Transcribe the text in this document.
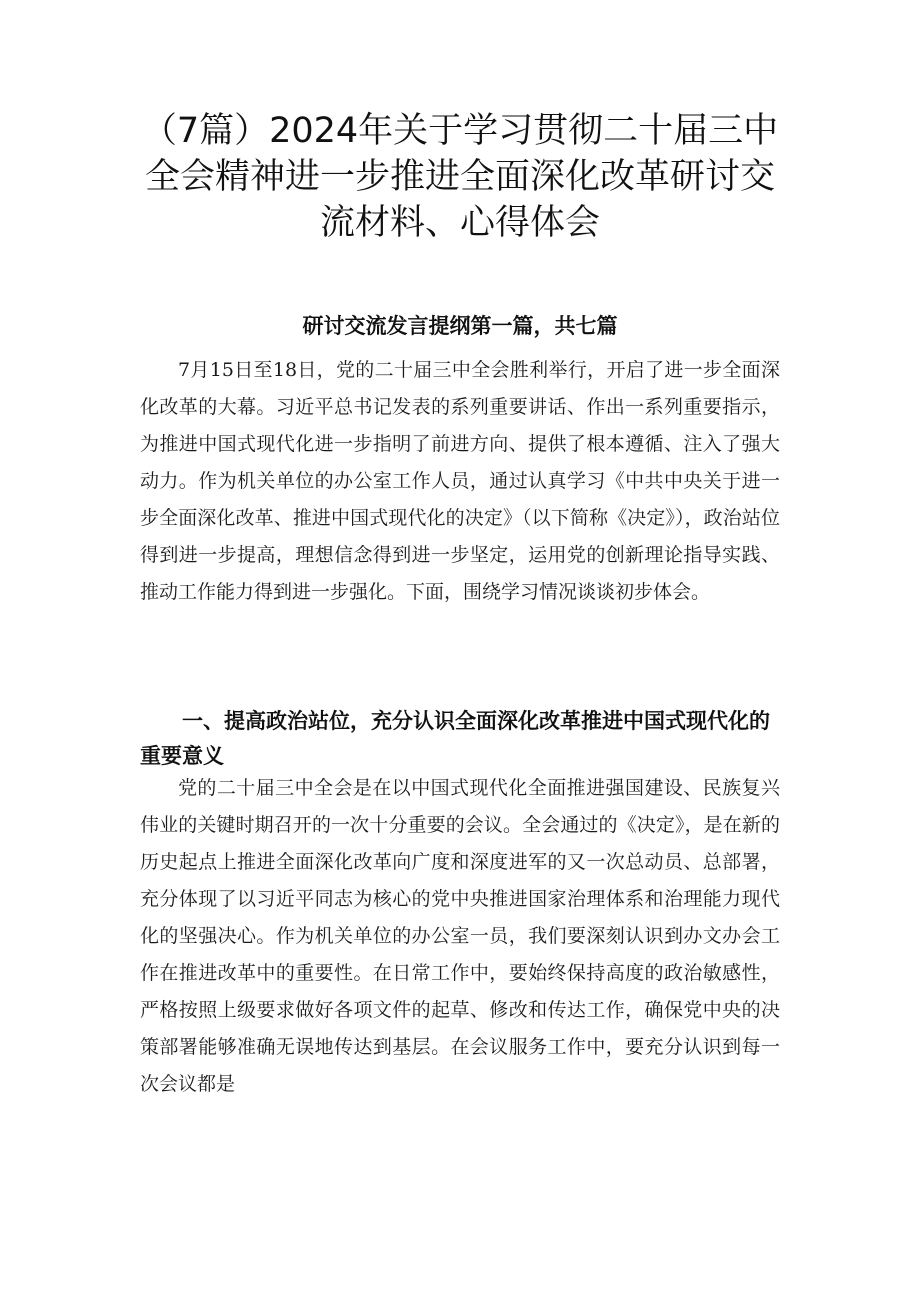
（7篇）2024年关于学习贯彻二十届三中全会精神进一步推进全面深化改革研讨交流材料、心得体会
研讨交流发言提纲第一篇，共七篇

7月15日至18日，党的二十届三中全会胜利举行，开启了进一步全面深化改革的大幕。习近平总书记发表的系列重要讲话、作出一系列重要指示，为推进中国式现代化进一步指明了前进方向、提供了根本遵循、注入了强大动力。作为机关单位的办公室工作人员，通过认真学习《中共中央关于进一步全面深化改革、推进中国式现代化的决定》（以下简称《决定》），政治站位得到进一步提高，理想信念得到进一步坚定，运用党的创新理论指导实践、推动工作能力得到进一步强化。下面，围绕学习情况谈谈初步体会。

一、提高政治站位，充分认识全面深化改革推进中国式现代化的重要意义

党的二十届三中全会是在以中国式现代化全面推进强国建设、民族复兴伟业的关键时期召开的一次十分重要的会议。全会通过的《决定》，是在新的历史起点上推进全面深化改革向广度和深度进军的又一次总动员、总部署，充分体现了以习近平同志为核心的党中央推进国家治理体系和治理能力现代化的坚强决心。作为机关单位的办公室一员，我们要深刻认识到办文办会工作在推进改革中的重要性。在日常工作中，要始终保持高度的政治敏感性，严格按照上级要求做好各项文件的起草、修改和传达工作，确保党中央的决策部署能够准确无误地传达到基层。在会议服务工作中，要充分认识到每一次会议都是
